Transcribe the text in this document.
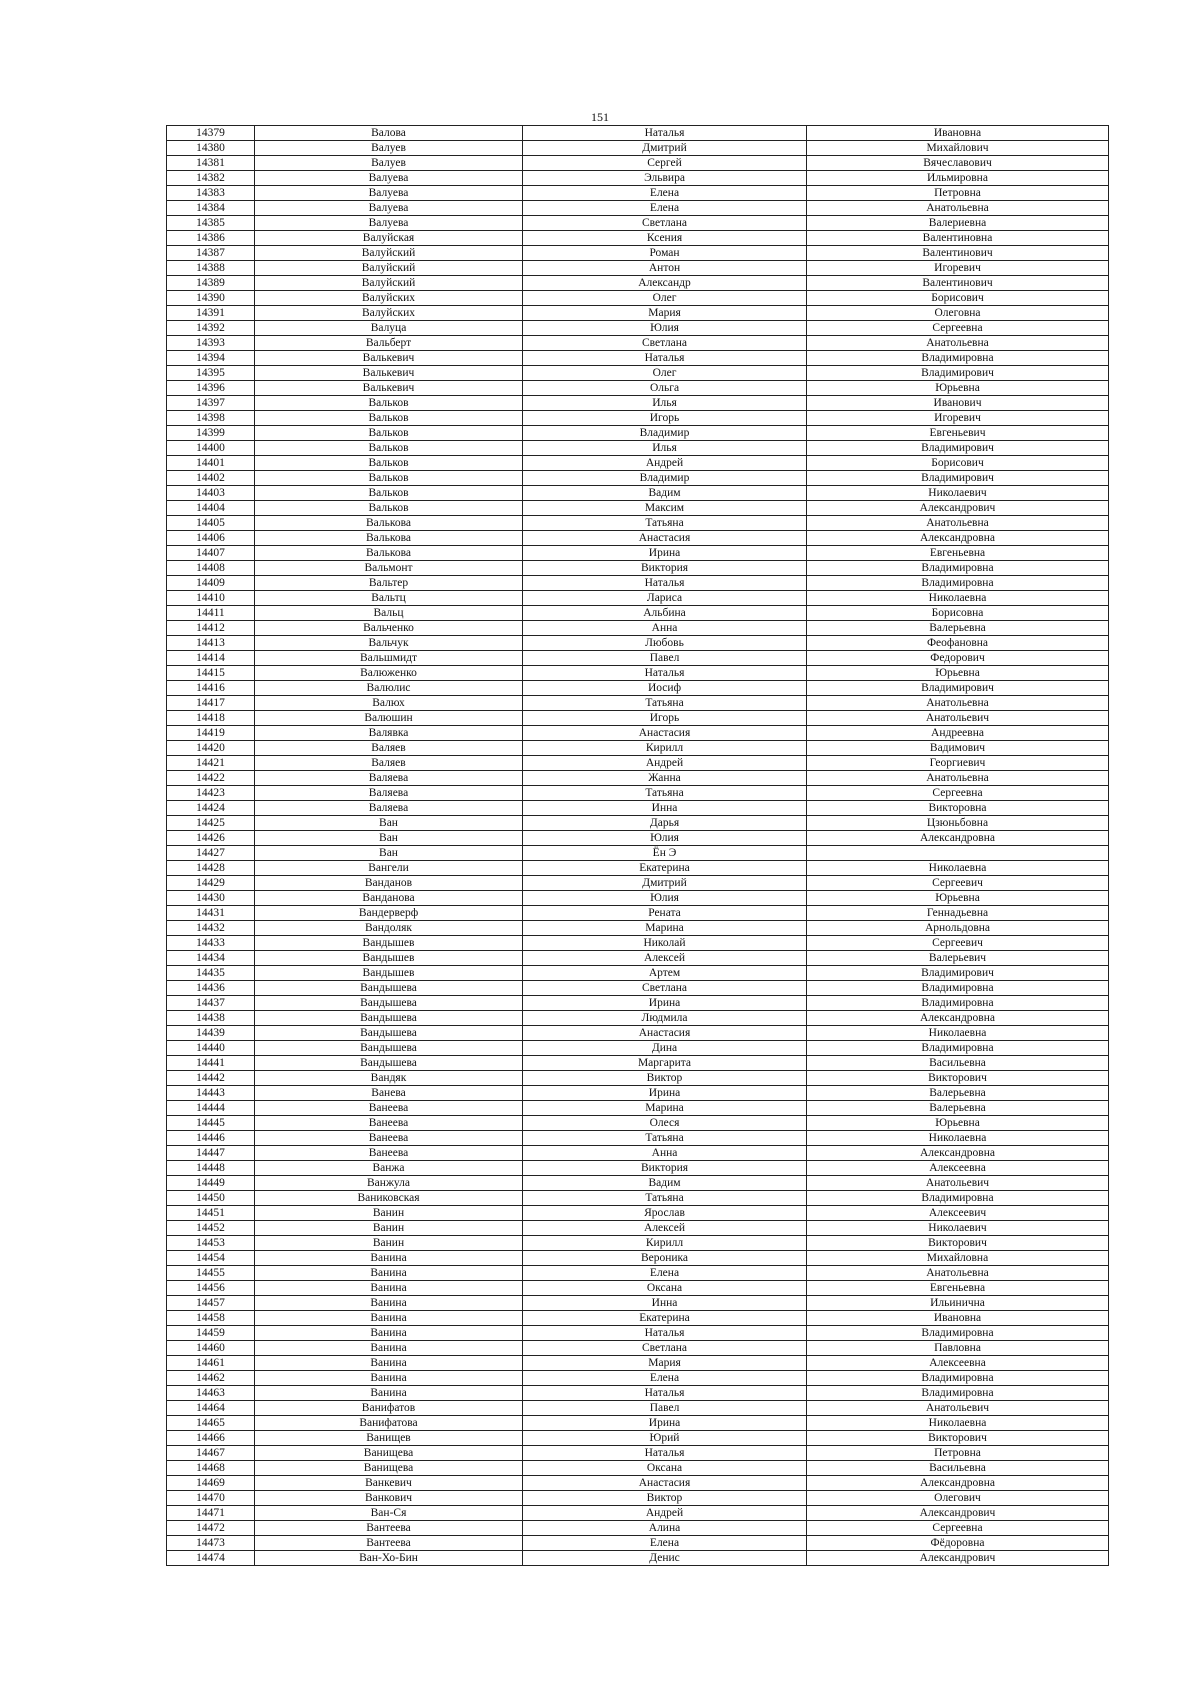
151
14379	Валова	Наталья	Ивановна
14380	Валуев	Дмитрий	Михайлович
14381	Валуев	Сергей	Вячеславович
14382	Валуева	Эльвира	Ильмировна
14383	Валуева	Елена	Петровна
14384	Валуева	Елена	Анатольевна
14385	Валуева	Светлана	Валериевна
14386	Валуйская	Ксения	Валентиновна
14387	Валуйский	Роман	Валентинович
14388	Валуйский	Антон	Игоревич
14389	Валуйский	Александр	Валентинович
14390	Валуйских	Олег	Борисович
14391	Валуйских	Мария	Олеговна
14392	Валуца	Юлия	Сергеевна
14393	Вальберт	Светлана	Анатольевна
14394	Валькевич	Наталья	Владимировна
14395	Валькевич	Олег	Владимирович
14396	Валькевич	Ольга	Юрьевна
14397	Вальков	Илья	Иванович
14398	Вальков	Игорь	Игоревич
14399	Вальков	Владимир	Евгеньевич
14400	Вальков	Илья	Владимирович
14401	Вальков	Андрей	Борисович
14402	Вальков	Владимир	Владимирович
14403	Вальков	Вадим	Николаевич
14404	Вальков	Максим	Александрович
14405	Валькова	Татьяна	Анатольевна
14406	Валькова	Анастасия	Александровна
14407	Валькова	Ирина	Евгеньевна
14408	Вальмонт	Виктория	Владимировна
14409	Вальтер	Наталья	Владимировна
14410	Вальтц	Лариса	Николаевна
14411	Вальц	Альбина	Борисовна
14412	Вальченко	Анна	Валерьевна
14413	Вальчук	Любовь	Феофановна
14414	Вальшмидт	Павел	Федорович
14415	Валюженко	Наталья	Юрьевна
14416	Валюлис	Иосиф	Владимирович
14417	Валюх	Татьяна	Анатольевна
14418	Валюшин	Игорь	Анатольевич
14419	Валявка	Анастасия	Андреевна
14420	Валяев	Кирилл	Вадимович
14421	Валяев	Андрей	Георгиевич
14422	Валяева	Жанна	Анатольевна
14423	Валяева	Татьяна	Сергеевна
14424	Валяева	Инна	Викторовна
14425	Ван	Дарья	Цзюньбовна
14426	Ван	Юлия	Александровна
14427	Ван	Ён Э	
14428	Вангели	Екатерина	Николаевна
14429	Ванданов	Дмитрий	Сергеевич
14430	Ванданова	Юлия	Юрьевна
14431	Вандерверф	Рената	Геннадьевна
14432	Вандоляк	Марина	Арнольдовна
14433	Вандышев	Николай	Сергеевич
14434	Вандышев	Алексей	Валерьевич
14435	Вандышев	Артем	Владимирович
14436	Вандышева	Светлана	Владимировна
14437	Вандышева	Ирина	Владимировна
14438	Вандышева	Людмила	Александровна
14439	Вандышева	Анастасия	Николаевна
14440	Вандышева	Дина	Владимировна
14441	Вандышева	Маргарита	Васильевна
14442	Вандяк	Виктор	Викторович
14443	Ванева	Ирина	Валерьевна
14444	Ванеева	Марина	Валерьевна
14445	Ванеева	Олеся	Юрьевна
14446	Ванеева	Татьяна	Николаевна
14447	Ванеева	Анна	Александровна
14448	Ванжа	Виктория	Алексеевна
14449	Ванжула	Вадим	Анатольевич
14450	Ваниковская	Татьяна	Владимировна
14451	Ванин	Ярослав	Алексеевич
14452	Ванин	Алексей	Николаевич
14453	Ванин	Кирилл	Викторович
14454	Ванина	Вероника	Михайловна
14455	Ванина	Елена	Анатольевна
14456	Ванина	Оксана	Евгеньевна
14457	Ванина	Инна	Ильинична
14458	Ванина	Екатерина	Ивановна
14459	Ванина	Наталья	Владимировна
14460	Ванина	Светлана	Павловна
14461	Ванина	Мария	Алексеевна
14462	Ванина	Елена	Владимировна
14463	Ванина	Наталья	Владимировна
14464	Ванифатов	Павел	Анатольевич
14465	Ванифатова	Ирина	Николаевна
14466	Ванищев	Юрий	Викторович
14467	Ванищева	Наталья	Петровна
14468	Ванищева	Оксана	Васильевна
14469	Ванкевич	Анастасия	Александровна
14470	Ванкович	Виктор	Олегович
14471	Ван-Ся	Андрей	Александрович
14472	Вантеева	Алина	Сергеевна
14473	Вантеева	Елена	Фёдоровна
14474	Ван-Хо-Бин	Денис	Александрович
